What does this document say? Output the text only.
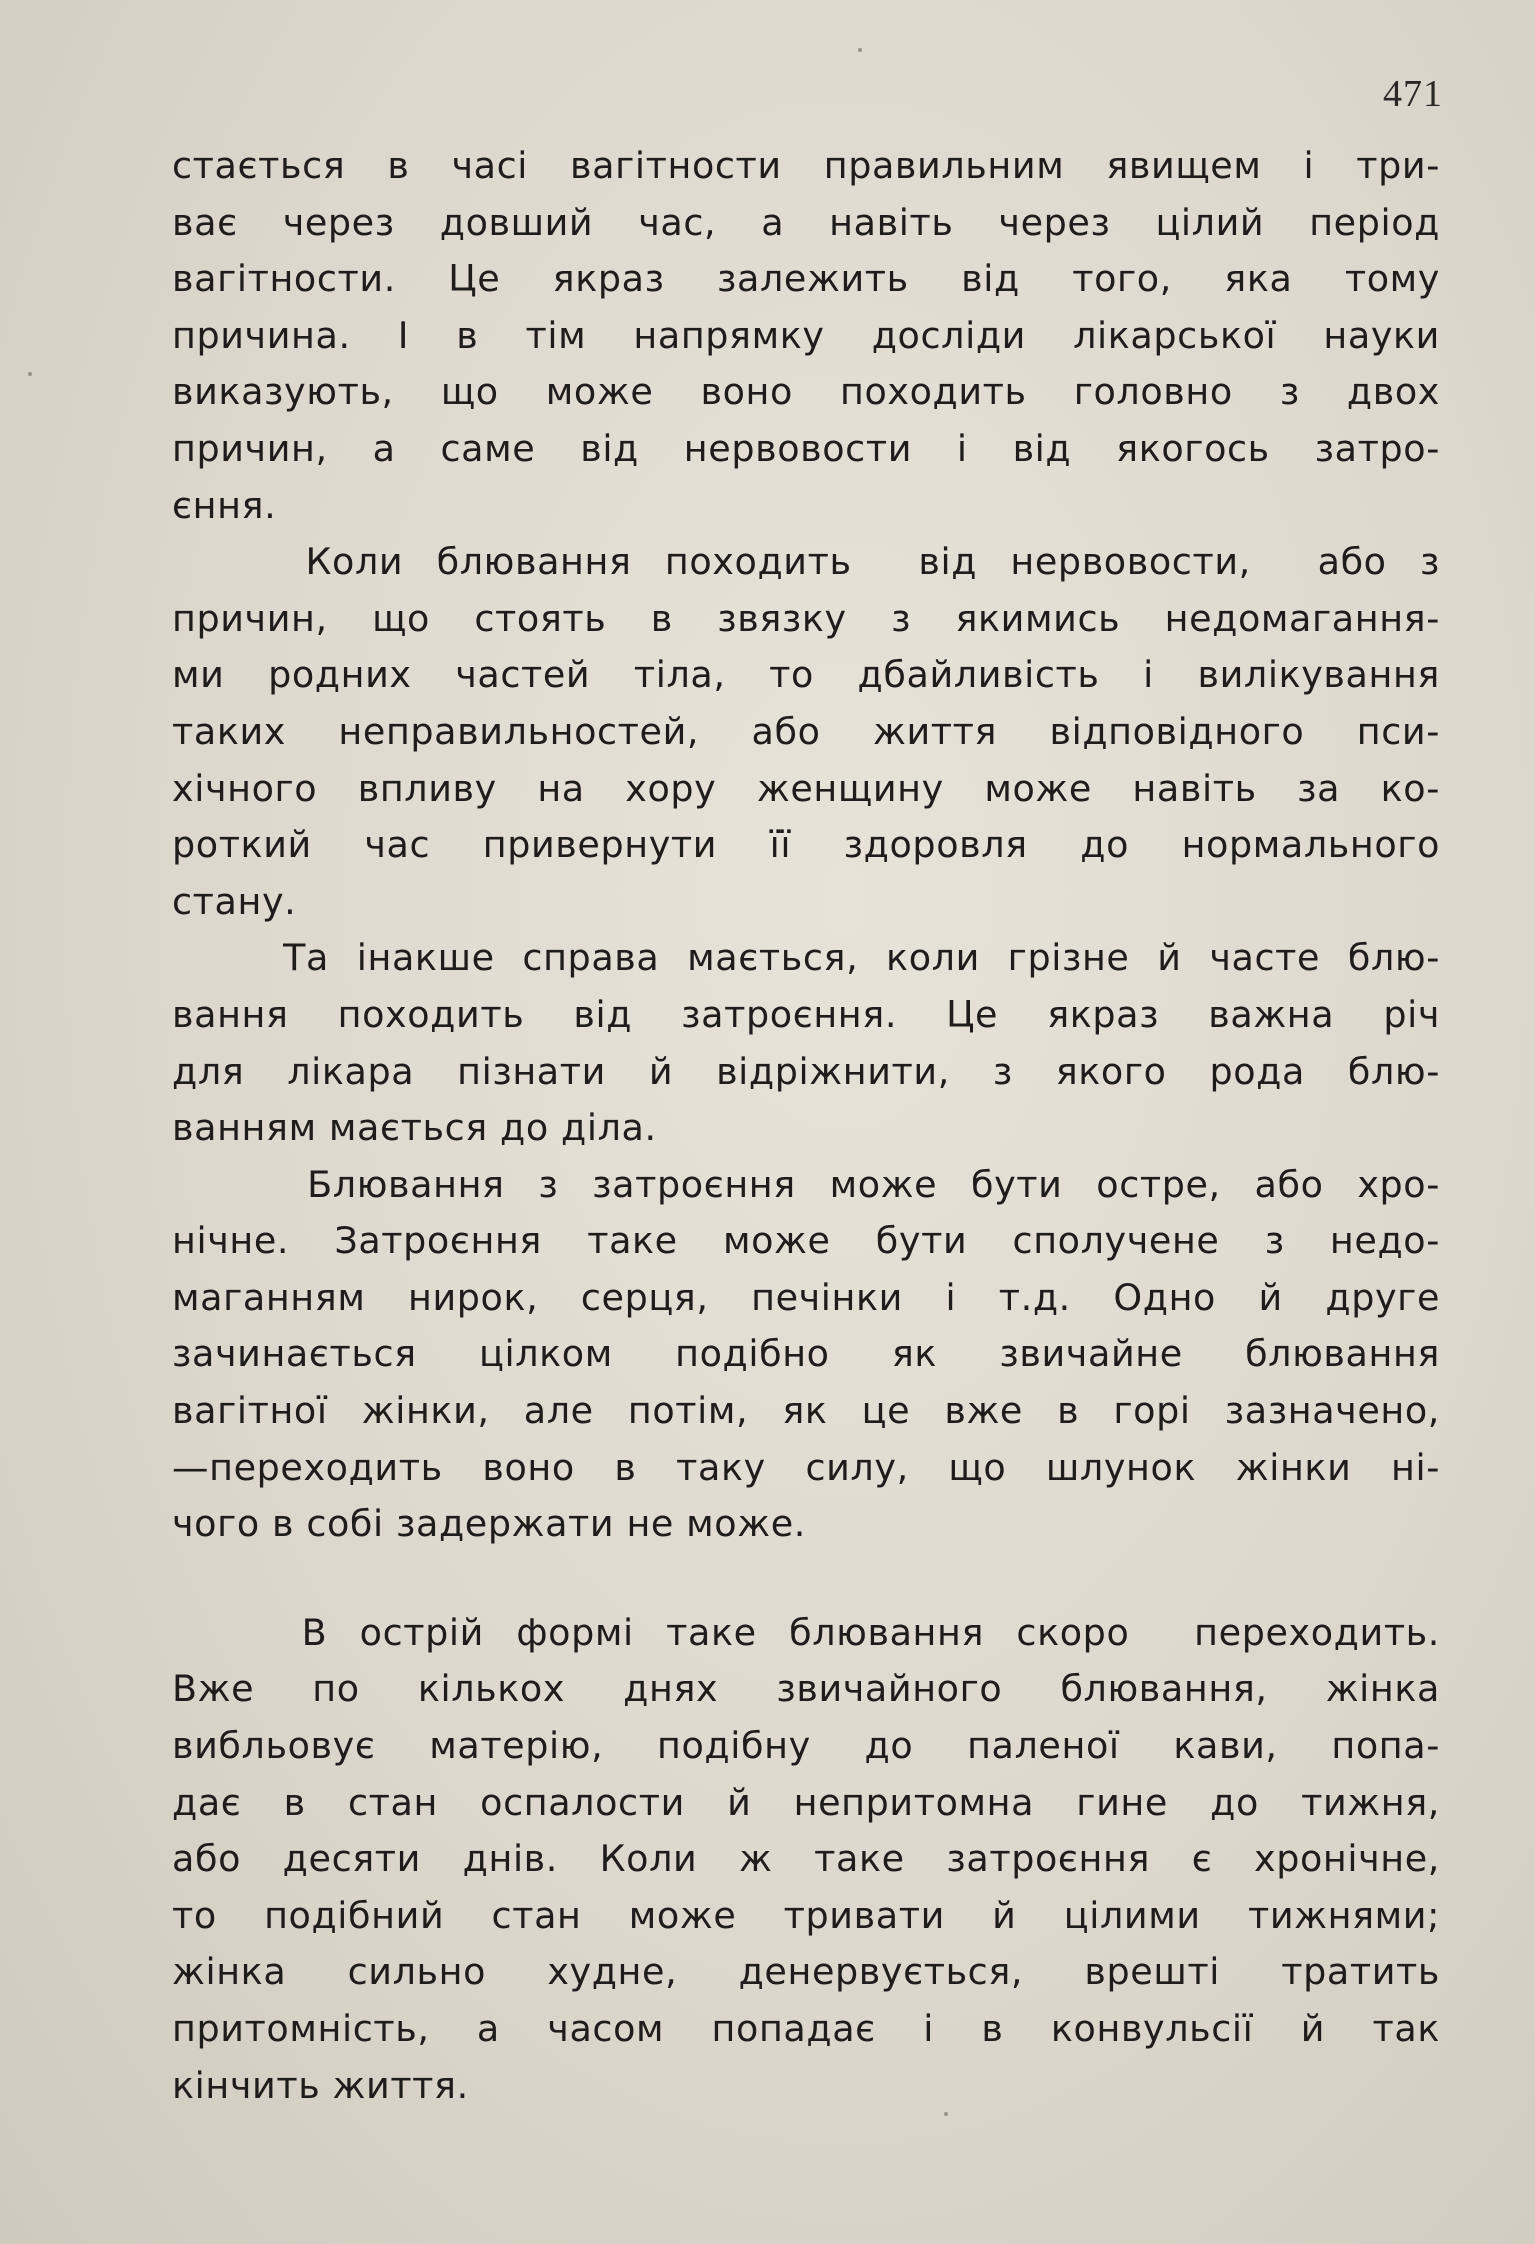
471
стається в часі вагітности правильним явищем і три-
ває через довший час, а навіть через цілий період
вагітности. Це якраз залежить від того, яка тому
причина. І в тім напрямку досліди лікарської науки
виказують, що може воно походить головно з двох
причин, а саме від нервовости і від якогось затро-
єння.
Коли блювання походить  від нервовости,  або з
причин, що стоять в звязку з якимись недомагання-
ми родних частей тіла, то дбайливість і вилікування
таких неправильностей, або життя відповідного пси-
хічного впливу на хору женщину може навіть за ко-
роткий час привернути її здоровля до нормального
стану.
Та інакше справа мається, коли грізне й часте блю-
вання походить від затроєння. Це якраз важна річ
для лікара пізнати й відріжнити, з якого рода блю-
ванням мається до діла.
Блювання з затроєння може бути остре, або хро-
нічне. Затроєння таке може бути сполучене з недо-
маганням нирок, серця, печінки і т.д. Одно й друге
зачинається цілком подібно як звичайне блювання
вагітної жінки, але потім, як це вже в горі зазначено,
—переходить воно в таку силу, що шлунок жінки ні-
чого в собі задержати не може.
В острій формі таке блювання скоро  переходить.
Вже по кількох днях звичайного блювання, жінка
вибльовує матерію, подібну до паленої кави, попа-
дає в стан оспалости й непритомна гине до тижня,
або десяти днів. Коли ж таке затроєння є хронічне,
то подібний стан може тривати й цілими тижнями;
жінка сильно худне, денервується, врешті тратить
притомність, а часом попадає і в конвульсії й так
кінчить життя.
